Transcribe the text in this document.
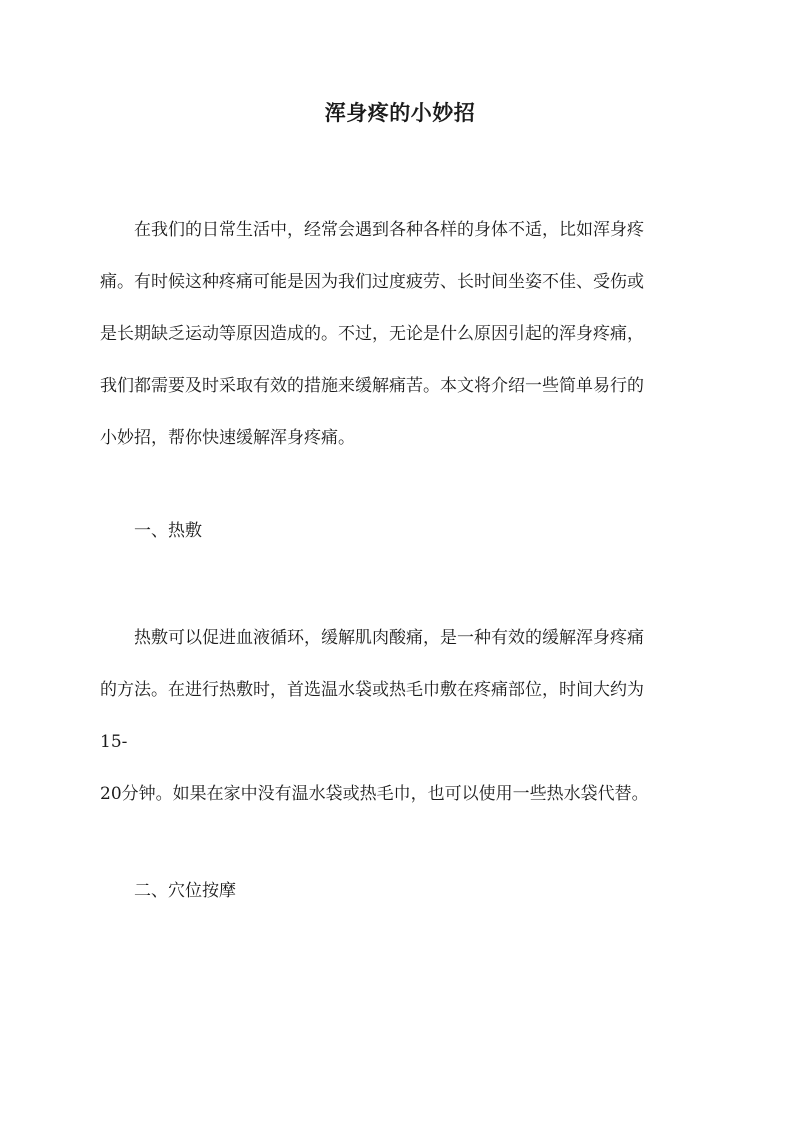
浑身疼的小妙招
在我们的日常生活中，经常会遇到各种各样的身体不适，比如浑身疼
痛。有时候这种疼痛可能是因为我们过度疲劳、长时间坐姿不佳、受伤或
是长期缺乏运动等原因造成的。不过，无论是什么原因引起的浑身疼痛，
我们都需要及时采取有效的措施来缓解痛苦。本文将介绍一些简单易行的
小妙招，帮你快速缓解浑身疼痛。
一、热敷
热敷可以促进血液循环，缓解肌肉酸痛，是一种有效的缓解浑身疼痛
的方法。在进行热敷时，首选温水袋或热毛巾敷在疼痛部位，时间大约为
15-
20分钟。如果在家中没有温水袋或热毛巾，也可以使用一些热水袋代替。
二、穴位按摩
